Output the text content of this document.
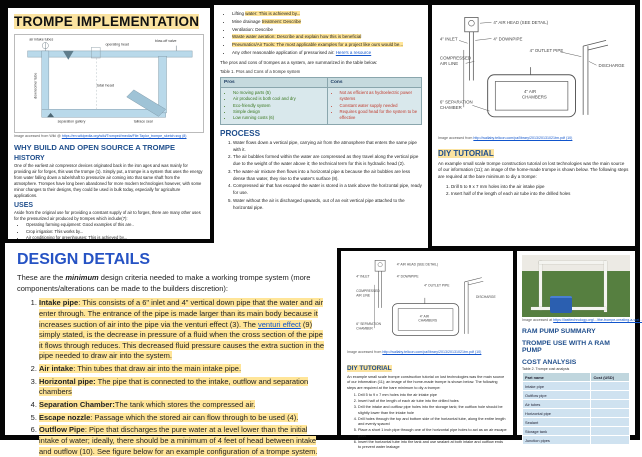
TROMPE IMPLEMENTATION
air intake tubes
operating head
blow-off valve
total head
downcomer tube
separation gallery	tailrace seal
Image accessed from Wiki @ https://en.wikipedia.org/wiki/Trompe#/media/File:Taylor_trompe_sketch.svg (8)
WHY BUILD AND OPEN SOURCE A TROMPE
HISTORY

One of the earliest air compressor devices originated back in the iron ages and was mainly for providing air for forges, this was the trompe (1). Simply put, a trompe is a system that uses the energy from water falling down a tube/shaft to pressurize air coming into that same shaft from the atmosphere. Trompes have long been abandoned for more modern technologies however, with some minor changes to their designs, they could be used in bulk today, especially for agriculture applications.

USES

Aside from the original use for providing a constant supply of air to forges, there are many other uses for the pressurized air produced by trompes which include(7):

• Operating farming equipment: Good examples of this are..
• Crop irrigation: This works by...
• Air conditioning for greenhouses: This is achieved by...
• Lifting water: This is achieved by...
• Mine drainage treatment: Describe
• Ventilation: Describe
• Waste water aeration: Describe and explain how this is beneficial
• Pneumatics/Air Tools: The most applicable examples for a project like ours would be...
• Any other reasonable application of pressurised air: Here's a resource

The pros and cons of trompes as a system, are summarized in the table below:

Table 1. Pros and Cons of a trompe system

Pros	Cons

• No moving parts (5)
• Air produced is both cool and dry
• Eco-friendly system
• Simple design
• Low running costs (6)

• Not as efficient as hydroelectric power systems
• Constant water supply needed
• Requires good head for the system to be effective
PROCESS
1. Water flows down a vertical pipe, carrying air from the atmosphere that enters the same pipe with it.
2. The air bubbles formed within the water are compressed as they travel along the vertical pipe due to the weight of the water above it; the technical term for this is hydraulic head (2).
3. The water-air mixture then flows into a horizontal pipe & because the air bubbles are less dense than water, they rise to the water's surface (8).
4. Compressed air that has escaped the water is stored in a tank above the horizontal pipe, ready for use.
5. Water without the air is discharged upwards, out of an exit vertical pipe attached to the horizontal pipe.
4" AIR HEAD (SEE DETAIL)
4" INLET	4" DOWNPIPE
4" OUTLET PIPE
COMPRESSED
AIR LINE	DISCHARGE
4" AIR
CHAMBERS
6" SEPARATION
CHAMBER
Image accessed from http://wallaby.telicon.com/pa/library/2013/20131021tm.pdf (10)
DIY TUTORIAL

An example small scale trompe construction tutorial on lost technologies was the main source of our information (11); an image of the home-made trompe is shown below. The following steps are required at the bare minimum to diy a trompe:

1. Drill 5 to 9 x 7 mm holes into the air intake pipe
2. Insert half of the length of each air tube into the drilled holes
DESIGN DETAILS

These are the minimum design criteria needed to make a working trompe system (more components/alterations can be made to the builders discretion):

1. Intake pipe: This consists of a 6" inlet and 4" vertical down pipe that the water and air enter through. The entrance of the pipe is made larger than its main body because it increases suction of air into the pipe via the venturi effect (3). The venturi effect (9) simply stated, is the decrease in pressure of a fluid when the cross section of the pipe it flows through reduces. This decreased fluid pressure causes the extra suction in the pipe needed to draw air into the system.
2. Air intake: Thin tubes that draw air into the main intake pipe.
3. Horizontal pipe: The pipe that is connected to the intake, outflow and separation chambers
4. Separation Chamber:The tank which stores the compressed air.
5. Escape nozzle: Passage which the stored air can flow through to be used (4).
6. Outflow Pipe: Pipe that discharges the pure water at a level lower than the initial intake of water; ideally, there should be a minimum of 4 feet of head between intake and outflow (10). See figure below for an example configuration of a trompe system.
4" AIR HEAD (SEE DETAIL)
4" INLET	4" DOWNPIPE
4" OUTLET PIPE
COMPRESSED
AIR LINE	DISCHARGE
4" AIR
CHAMBERS
6" SEPARATION
CHAMBER
Image accessed from http://wallaby.telicon.com/pa/library/2013/20131021tm.pdf (10)
DIY TUTORIAL

An example small scale trompe construction tutorial on lost technologies was the main source of our information (11); an image of the home-made trompe is shown below. The following steps are required at the bare minimum to diy a trompe:

1. Drill 5 to 9 x 7 mm holes into the air intake pipe
2. Insert half of the length of each air tube into the drilled holes
3. Drill the intake and outflow pipe holes into the storage tank; the outflow hole should be slightly lower than the intake hole
4. Drill holes through the top and bottom side of the horizontal tube, along the entire length and evenly spaced
5. Place a short 1 inch pipe through one of the horizontal pipe holes to act as an air escape pass
6. Insert the horizontal tube into the tank and use sealant at both intake and outflow ends to prevent water leakage
Image accessed at https://lasttechnology.org/.../the-trompe-creating-a-wat...
RAM PUMP SUMMARY
TROMPE USE WITH A RAM PUMP
COST ANALYSIS

Table 2. Trompe cost analysis

Part name	Cost (USD)
Intake pipe	
Outflow pipe	
Air tubes	
Horizontal pipe	
Sealant	
Storage tank	
Junction pipes	
